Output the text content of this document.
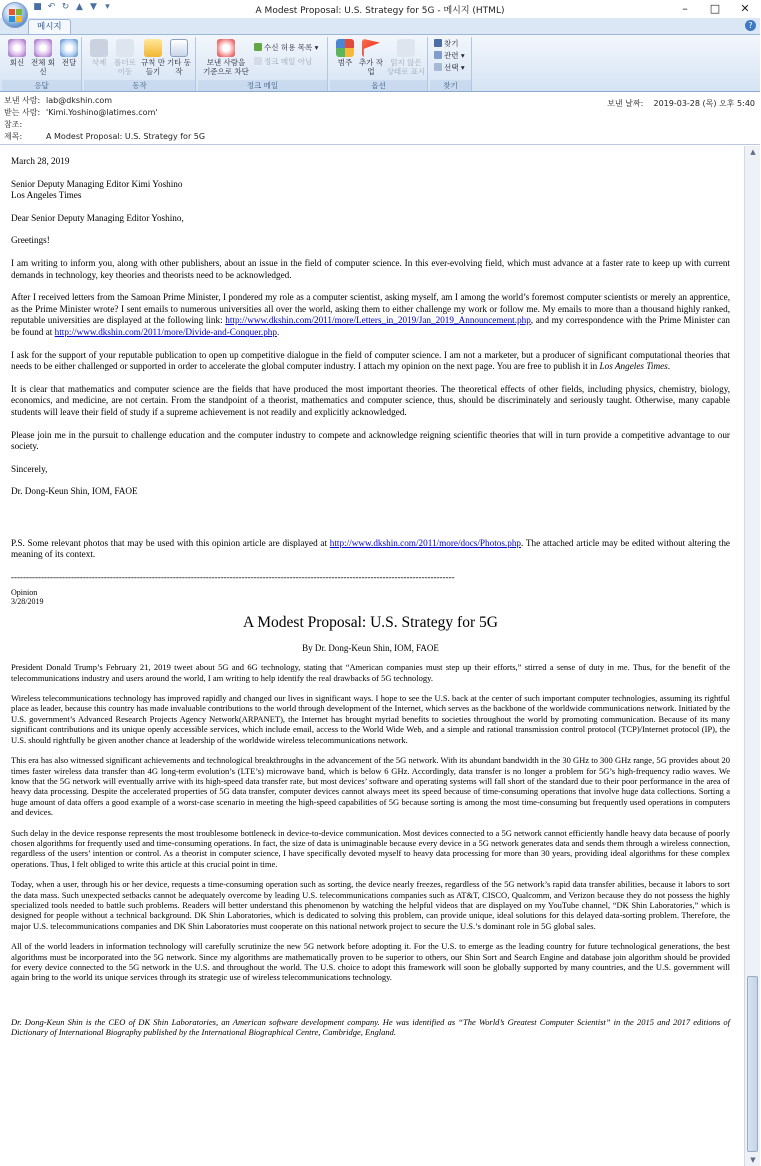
■ ↶ ↻ ▲ ▼ ▾	A Modest Proposal: U.S. Strategy for 5G - 메시지 (HTML)	–	□	✕
메시지	?
회신 전체 회신
전달
응답
삭제	폴더로 이동
규칙 만들기
기타 동작
동작
보낸 사람을 기준으로 차단
수신 허용 목록 ▾
정크 메일 아님
정크 메일
범주 추가 작업
읽지 않은 상태로 표시
옵션
찾기
관련 ▾
선택 ▾
찾기
보낸 사람: lab@dkshin.com
받는 사람: 'Kimi.Yoshino@latimes.com'
참조:
제목:	A Modest Proposal: U.S. Strategy for 5G
보낸 날짜: 2019-03-28 (목) 오후 5:40

March 28, 2019

Senior Deputy Managing Editor Kimi Yoshino

Los Angeles Times

Dear Senior Deputy Managing Editor Yoshino,

Greetings!

I am writing to inform you, along with other publishers, about an issue in the field of computer science. In this ever-evolving field, which must advance at a faster rate to keep up with current demands in technology, key theories and theorists need to be acknowledged.

After I received letters from the Samoan Prime Minister, I pondered my role as a computer scientist, asking myself, am I among the world’s foremost computer scientists or merely an apprentice, as the Prime Minister wrote? I sent emails to numerous universities all over the world, asking them to either challenge my work or follow me. My emails to more than a thousand highly ranked, reputable universities are displayed at the following link: http://www.dkshin.com/2011/more/Letters_in_2019/Jan_2019_Announcement.php, and my correspondence with the Prime Minister can be found at http://www.dkshin.com/2011/more/Divide-and-Conquer.php.

I ask for the support of your reputable publication to open up competitive dialogue in the field of computer science. I am not a marketer, but a producer of significant computational theories that needs to be either challenged or supported in order to accelerate the global computer industry. I attach my opinion on the next page. You are free to publish it in Los Angeles Times.

It is clear that mathematics and computer science are the fields that have produced the most important theories. The theoretical effects of other fields, including physics, chemistry, biology, economics, and medicine, are not certain. From the standpoint of a theorist, mathematics and computer science, thus, should be discriminately and seriously taught. Otherwise, many capable students will leave their field of study if a supreme achievement is not readily and explicitly acknowledged.

Please join me in the pursuit to challenge education and the computer industry to compete and acknowledge reigning scientific theories that will in turn provide a competitive advantage to our society.

Sincerely,

Dr. Dong-Keun Shin, IOM, FAOE

P.S. Some relevant photos that may be used with this opinion article are displayed at http://www.dkshin.com/2011/more/docs/Photos.php. The attached article may be edited without altering the meaning of its context.

----------------------------------------------------------------------------------------------------------------------------------------------------
Opinion
3/28/2019
A Modest Proposal: U.S. Strategy for 5G
By Dr. Dong-Keun Shin, IOM, FAOE

President Donald Trump’s February 21, 2019 tweet about 5G and 6G technology, stating that “American companies must step up their efforts,” stirred a sense of duty in me. Thus, for the benefit of the telecommunications industry and users around the world, I am writing to help identify the real drawbacks of 5G technology.

Wireless telecommunications technology has improved rapidly and changed our lives in significant ways. I hope to see the U.S. back at the center of such important computer technologies, assuming its rightful place as leader, because this country has made invaluable contributions to the world through development of the Internet, which serves as the backbone of the worldwide communications network. Initiated by the U.S. government’s Advanced Research Projects Agency Network(ARPANET), the Internet has brought myriad benefits to societies throughout the world by promoting communication. Because of its many significant contributions and its unique openly accessible services, which include email, access to the World Wide Web, and a simple and rational transmission control protocol (TCP)/Internet protocol (IP), the U.S. should rightfully be given another chance at leadership of the worldwide wireless telecommunications network.

This era has also witnessed significant achievements and technological breakthroughs in the advancement of the 5G network. With its abundant bandwidth in the 30 GHz to 300 GHz range, 5G provides about 20 times faster wireless data transfer than 4G long-term evolution’s (LTE’s) microwave band, which is below 6 GHz. Accordingly, data transfer is no longer a problem for 5G’s high-frequency radio waves. We know that the 5G network will eventually arrive with its high-speed data transfer rate, but most devices’ software and operating systems will fall short of the standard due to their poor performance in the area of heavy data processing. Despite the accelerated properties of 5G data transfer, computer devices cannot always meet its speed because of time-consuming operations that involve huge data collections. Sorting a huge amount of data offers a good example of a worst-case scenario in meeting the high-speed capabilities of 5G because sorting is among the most time-consuming but frequently used operations in computers and devices.

Such delay in the device response represents the most troublesome bottleneck in device-to-device communication. Most devices connected to a 5G network cannot efficiently handle heavy data because of poorly chosen algorithms for frequently used and time-consuming operations. In fact, the size of data is unimaginable because every device in a 5G network generates data and sends them through a wireless connection, regardless of the users’ intention or control. As a theorist in computer science, I have specifically devoted myself to heavy data processing for more than 30 years, providing ideal algorithms for these complex operations. Thus, I felt obliged to write this article at this crucial point in time.

Today, when a user, through his or her device, requests a time-consuming operation such as sorting, the device nearly freezes, regardless of the 5G network’s rapid data transfer abilities, because it labors to sort the data mass. Such unexpected setbacks cannot be adequately overcome by leading U.S. telecommunications companies such as AT&T, CISCO, Qualcomm, and Verizon because they do not possess the highly specialized tools needed to battle such problems. Readers will better understand this phenomenon by watching the helpful videos that are displayed on my YouTube channel, “DK Shin Laboratories,” which is designed for people without a technical background. DK Shin Laboratories, which is dedicated to solving this problem, can provide unique, ideal solutions for this delayed data-sorting problem. Therefore, the major U.S. telecommunications companies and DK Shin Laboratories must cooperate on this national network project to secure the U.S.’s dominant role in 5G global sales.

All of the world leaders in information technology will carefully scrutinize the new 5G network before adopting it. For the U.S. to emerge as the leading country for future technological generations, the best algorithms must be incorporated into the 5G network. Since my algorithms are mathematically proven to be superior to others, our Shin Sort and Search Engine and database join algorithm should be provided for every device connected to the 5G network in the U.S. and throughout the world. The U.S. choice to adopt this framework will soon be globally supported by many countries, and the U.S. government will again bring to the world its unique services through its strategic use of wireless telecommunications technology.

Dr. Dong-Keun Shin is the CEO of DK Shin Laboratories, an American software development company. He was identified as “The World’s Greatest Computer Scientist” in the 2015 and 2017 editions of Dictionary of International Biography published by the International Biographical Centre, Cambridge, England.
▲
▼
